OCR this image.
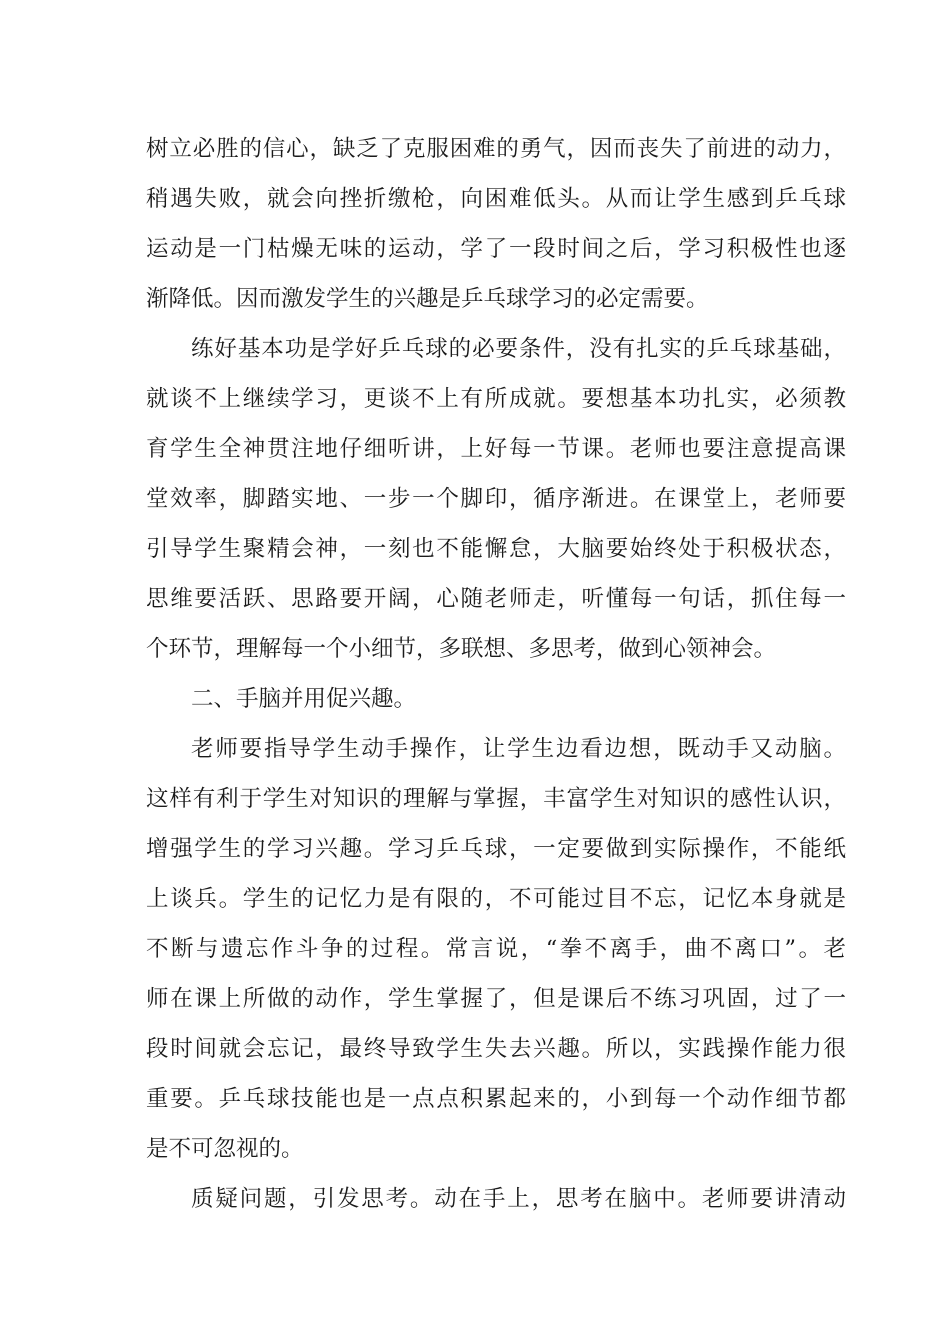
树立必胜的信心，缺乏了克服困难的勇气，因而丧失了前进的动力，
稍遇失败，就会向挫折缴枪，向困难低头。从而让学生感到乒乓球
运动是一门枯燥无味的运动，学了一段时间之后，学习积极性也逐
渐降低。因而激发学生的兴趣是乒乓球学习的必定需要。
练好基本功是学好乒乓球的必要条件，没有扎实的乒乓球基础，
就谈不上继续学习，更谈不上有所成就。要想基本功扎实，必须教
育学生全神贯注地仔细听讲，上好每一节课。老师也要注意提高课
堂效率，脚踏实地、一步一个脚印，循序渐进。在课堂上，老师要
引导学生聚精会神，一刻也不能懈怠，大脑要始终处于积极状态，
思维要活跃、思路要开阔，心随老师走，听懂每一句话，抓住每一
个环节，理解每一个小细节，多联想、多思考，做到心领神会。
二、手脑并用促兴趣。
老师要指导学生动手操作，让学生边看边想，既动手又动脑。
这样有利于学生对知识的理解与掌握，丰富学生对知识的感性认识，
增强学生的学习兴趣。学习乒乓球，一定要做到实际操作，不能纸
上谈兵。学生的记忆力是有限的，不可能过目不忘，记忆本身就是
不断与遗忘作斗争的过程。常言说，“拳不离手，曲不离口”。老
师在课上所做的动作，学生掌握了，但是课后不练习巩固，过了一
段时间就会忘记，最终导致学生失去兴趣。所以，实践操作能力很
重要。乒乓球技能也是一点点积累起来的，小到每一个动作细节都
是不可忽视的。
质疑问题，引发思考。动在手上，思考在脑中。老师要讲清动
